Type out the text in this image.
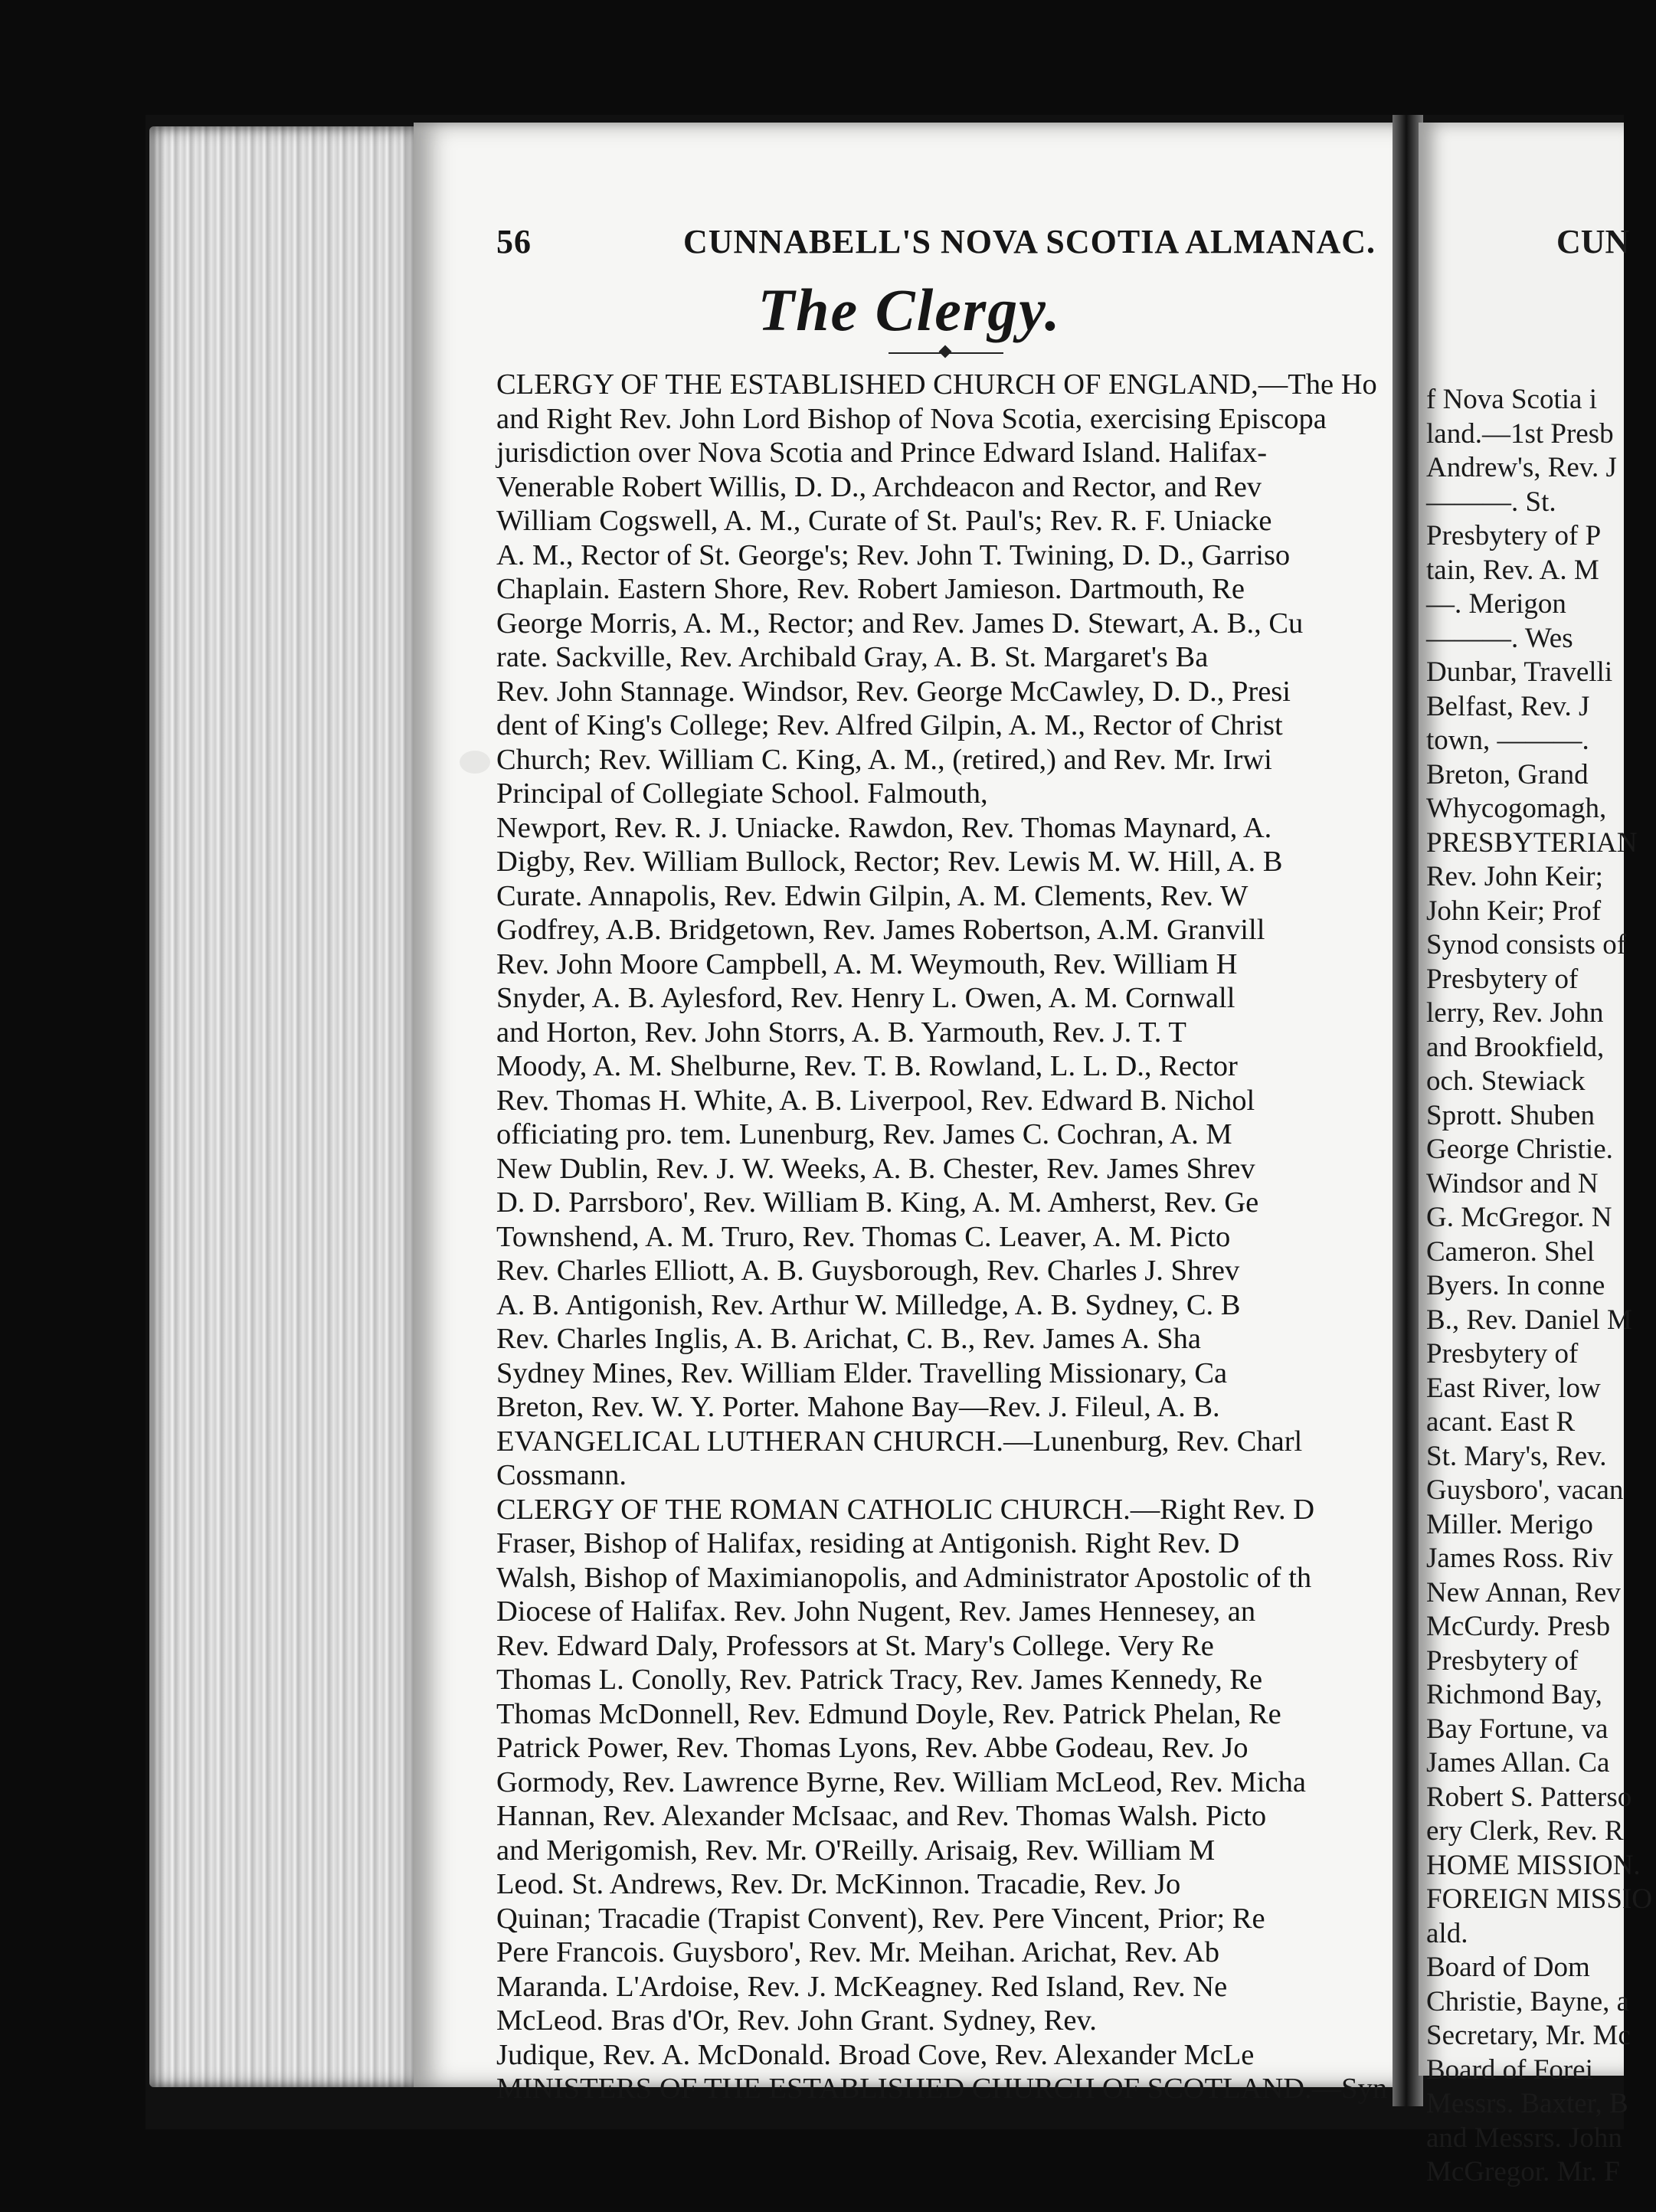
56	CUNNABELL'S NOVA SCOTIA ALMANAC.
The Clergy.

CLERGY OF THE ESTABLISHED CHURCH OF ENGLAND,—The Ho

and Right Rev. John Lord Bishop of Nova Scotia, exercising Episcopa

jurisdiction over Nova Scotia and Prince Edward Island. Halifax-

Venerable Robert Willis, D. D., Archdeacon and Rector, and Rev

William Cogswell, A. M., Curate of St. Paul's; Rev. R. F. Uniacke

A. M., Rector of St. George's; Rev. John T. Twining, D. D., Garriso

Chaplain. Eastern Shore, Rev. Robert Jamieson. Dartmouth, Re

George Morris, A. M., Rector; and Rev. James D. Stewart, A. B., Cu

rate. Sackville, Rev. Archibald Gray, A. B. St. Margaret's Ba

Rev. John Stannage. Windsor, Rev. George McCawley, D. D., Presi

dent of King's College; Rev. Alfred Gilpin, A. M., Rector of Christ

Church; Rev. William C. King, A. M., (retired,) and Rev. Mr. Irwi

Principal of Collegiate School. Falmouth,

Newport, Rev. R. J. Uniacke. Rawdon, Rev. Thomas Maynard, A.

Digby, Rev. William Bullock, Rector; Rev. Lewis M. W. Hill, A. B

Curate. Annapolis, Rev. Edwin Gilpin, A. M. Clements, Rev. W

Godfrey, A.B. Bridgetown, Rev. James Robertson, A.M. Granvill

Rev. John Moore Campbell, A. M. Weymouth, Rev. William H

Snyder, A. B. Aylesford, Rev. Henry L. Owen, A. M. Cornwall

and Horton, Rev. John Storrs, A. B. Yarmouth, Rev. J. T. T

Moody, A. M. Shelburne, Rev. T. B. Rowland, L. L. D., Rector

Rev. Thomas H. White, A. B. Liverpool, Rev. Edward B. Nichol

officiating pro. tem. Lunenburg, Rev. James C. Cochran, A. M

New Dublin, Rev. J. W. Weeks, A. B. Chester, Rev. James Shrev

D. D. Parrsboro', Rev. William B. King, A. M. Amherst, Rev. Ge

Townshend, A. M. Truro, Rev. Thomas C. Leaver, A. M. Picto

Rev. Charles Elliott, A. B. Guysborough, Rev. Charles J. Shrev

A. B. Antigonish, Rev. Arthur W. Milledge, A. B. Sydney, C. B

Rev. Charles Inglis, A. B. Arichat, C. B., Rev. James A. Sha

Sydney Mines, Rev. William Elder. Travelling Missionary, Ca

Breton, Rev. W. Y. Porter. Mahone Bay—Rev. J. Fileul, A. B.

EVANGELICAL LUTHERAN CHURCH.—Lunenburg, Rev. Charl

Cossmann.

CLERGY OF THE ROMAN CATHOLIC CHURCH.—Right Rev. D

Fraser, Bishop of Halifax, residing at Antigonish. Right Rev. D

Walsh, Bishop of Maximianopolis, and Administrator Apostolic of th

Diocese of Halifax. Rev. John Nugent, Rev. James Hennesey, an

Rev. Edward Daly, Professors at St. Mary's College. Very Re

Thomas L. Conolly, Rev. Patrick Tracy, Rev. James Kennedy, Re

Thomas McDonnell, Rev. Edmund Doyle, Rev. Patrick Phelan, Re

Patrick Power, Rev. Thomas Lyons, Rev. Abbe Godeau, Rev. Jo

Gormody, Rev. Lawrence Byrne, Rev. William McLeod, Rev. Micha

Hannan, Rev. Alexander McIsaac, and Rev. Thomas Walsh. Picto

and Merigomish, Rev. Mr. O'Reilly. Arisaig, Rev. William M

Leod. St. Andrews, Rev. Dr. McKinnon. Tracadie, Rev. Jo

Quinan; Tracadie (Trapist Convent), Rev. Pere Vincent, Prior; Re

Pere Francois. Guysboro', Rev. Mr. Meihan. Arichat, Rev. Ab

Maranda. L'Ardoise, Rev. J. McKeagney. Red Island, Rev. Ne

McLeod. Bras d'Or, Rev. John Grant. Sydney, Rev.

Judique, Rev. A. McDonald. Broad Cove, Rev. Alexander McLe

MINISTERS OF THE ESTABLISHED CHURCH OF SCOTLAND.—Syn

CUN

f Nova Scotia i

land.—1st Presb

Andrew's, Rev. J

———. St.

Presbytery of P

tain, Rev. A. M

—. Merigon

———. Wes

Dunbar, Travelli

Belfast, Rev. J

town, ———.

Breton, Grand

Whycogomagh,

PRESBYTERIAN

Rev. John Keir;

John Keir; Prof

Synod consists of

Presbytery of

lerry, Rev. John

and Brookfield,

och. Stewiack

Sprott. Shuben

George Christie.

Windsor and N

G. McGregor. N

Cameron. Shel

Byers. In conne

B., Rev. Daniel M

Presbytery of

East River, low

acant. East R

St. Mary's, Rev.

Guysboro', vacan

Miller. Merigo

James Ross. Riv

New Annan, Rev

McCurdy. Presb

Presbytery of

Richmond Bay,

Bay Fortune, va

James Allan. Ca

Robert S. Patterso

ery Clerk, Rev. R

HOME MISSION.

FOREIGN MISSIO

ald.

Board of Dom

Christie, Bayne, a

Secretary, Mr. Mc

Board of Forei

Messrs. Baxter, B

and Messrs. John

McGregor. Mr. F
